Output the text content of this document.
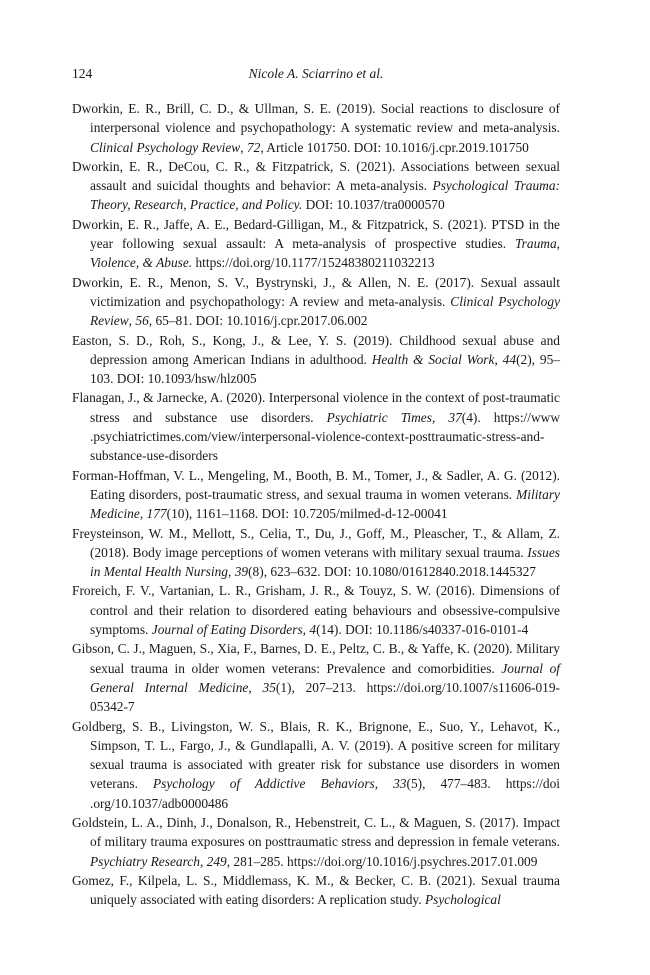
124	Nicole A. Sciarrino et al.

Dworkin, E. R., Brill, C. D., & Ullman, S. E. (2019). Social reactions to disclosure of interpersonal violence and psychopathology: A systematic review and meta-analysis. Clinical Psychology Review, 72, Article 101750. DOI: 10.1016/j.​cpr.2019.101750

Dworkin, E. R., DeCou, C. R., & Fitzpatrick, S. (2021). Associations between sexual assault and suicidal thoughts and behavior: A meta-analysis. Psychological Trauma: Theory, Research, Practice, and Policy. DOI: 10.1037/tra0000570

Dworkin, E. R., Jaffe, A. E., Bedard-Gilligan, M., & Fitzpatrick, S. (2021). PTSD in the year following sexual assault: A meta-analysis of prospective studies. Trauma, Violence, & Abuse. https://doi.org/10.1177/15248380211032213

Dworkin, E. R., Menon, S. V., Bystrynski, J., & Allen, N. E. (2017). Sexual assault victimization and psychopathology: A review and meta-analysis. Clinical Psychology Review, 56, 65–81. DOI: 10.1016/j.cpr.2017.06.002

Easton, S. D., Roh, S., Kong, J., & Lee, Y. S. (2019). Childhood sexual abuse and depression among American Indians in adulthood. Health & Social Work, 44(2), 95–103. DOI: 10.1093/hsw/hlz005

Flanagan, J., & Jarnecke, A. (2020). Interpersonal violence in the context of post-traumatic stress and substance use disorders. Psychiatric Times, 37(4). https://www​.psychiatrictimes.com/view/interpersonal-violence-context-posttraumatic-stress​-and-substance-use-disorders

Forman-Hoffman, V. L., Mengeling, M., Booth, B. M., Tomer, J., & Sadler, A. G. (2012). Eating disorders, post-traumatic stress, and sexual trauma in women veterans. Military Medicine, 177(10), 1161–1168. DOI: 10.7205/milmed-d-12-00041

Freysteinson, W. M., Mellott, S., Celia, T., Du, J., Goff, M., Pleascher, T., & Allam, Z. (2018). Body image perceptions of women veterans with military sexual trauma. Issues in Mental Health Nursing, 39(8), 623–632. DOI: 10.1080/01612840.2018.1445327

Froreich, F. V., Vartanian, L. R., Grisham, J. R., & Touyz, S. W. (2016). Dimensions of control and their relation to disordered eating behaviours and obsessive-compulsive symptoms. Journal of Eating Disorders, 4(14). DOI: 10.1186/s40337-016-0101-4

Gibson, C. J., Maguen, S., Xia, F., Barnes, D. E., Peltz, C. B., & Yaffe, K. (2020). Military sexual trauma in older women veterans: Prevalence and comorbidities. Journal of General Internal Medicine, 35(1), 207–213. https://doi.org/10.1007​/s11606-019-05342-7

Goldberg, S. B., Livingston, W. S., Blais, R. K., Brignone, E., Suo, Y., Lehavot, K., Simpson, T. L., Fargo, J., & Gundlapalli, A. V. (2019). A positive screen for military sexual trauma is associated with greater risk for substance use disorders in women veterans. Psychology of Addictive Behaviors, 33(5), 477–483. https://doi​.org/10.1037/adb0000486

Goldstein, L. A., Dinh, J., Donalson, R., Hebenstreit, C. L., & Maguen, S. (2017). Impact of military trauma exposures on posttraumatic stress and depression in female veterans. Psychiatry Research, 249, 281–285. https://doi.org/10.1016/j​.psychres.2017.01.009

Gomez, F., Kilpela, L. S., Middlemass, K. M., & Becker, C. B. (2021). Sexual trauma uniquely associated with eating disorders: A replication study. Psychological
